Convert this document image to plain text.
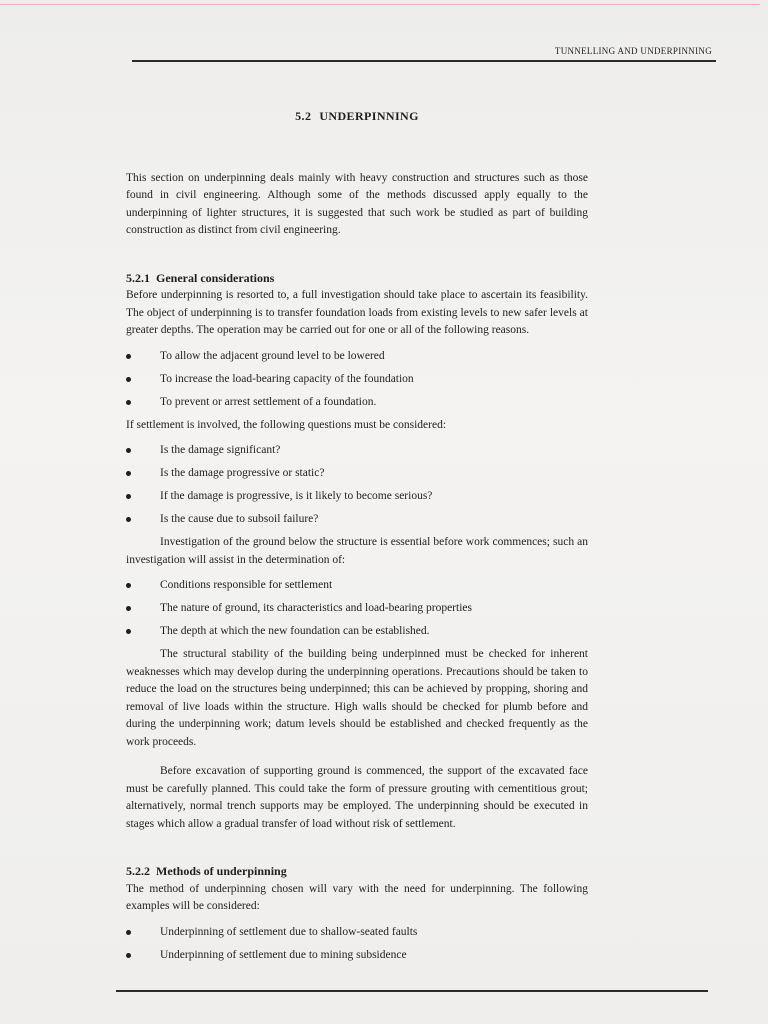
TUNNELLING AND UNDERPINNING
5.2 UNDERPINNING

This section on underpinning deals mainly with heavy construction and structures such as those found in civil engineering. Although some of the methods discussed apply equally to the underpinning of lighter structures, it is suggested that such work be studied as part of building construction as distinct from civil engineering.

5.2.1 General considerations

Before underpinning is resorted to, a full investigation should take place to ascertain its feasibility. The object of underpinning is to transfer foundation loads from existing levels to new safer levels at greater depths. The operation may be carried out for one or all of the following reasons.

To allow the adjacent ground level to be lowered
To increase the load-bearing capacity of the foundation
To prevent or arrest settlement of a foundation.

If settlement is involved, the following questions must be considered:

Is the damage significant?
Is the damage progressive or static?
If the damage is progressive, is it likely to become serious?
Is the cause due to subsoil failure?

Investigation of the ground below the structure is essential before work commences; such an investigation will assist in the determination of:

Conditions responsible for settlement
The nature of ground, its characteristics and load-bearing properties
The depth at which the new foundation can be established.

The structural stability of the building being underpinned must be checked for inherent weaknesses which may develop during the underpinning operations. Precautions should be taken to reduce the load on the structures being underpinned; this can be achieved by propping, shoring and removal of live loads within the structure. High walls should be checked for plumb before and during the underpinning work; datum levels should be established and checked frequently as the work proceeds.

Before excavation of supporting ground is commenced, the support of the excavated face must be carefully planned. This could take the form of pressure grouting with cementitious grout; alternatively, normal trench supports may be employed. The underpinning should be executed in stages which allow a gradual transfer of load without risk of settlement.

5.2.2 Methods of underpinning

The method of underpinning chosen will vary with the need for underpinning. The following examples will be considered:

Underpinning of settlement due to shallow-seated faults
Underpinning of settlement due to mining subsidence
